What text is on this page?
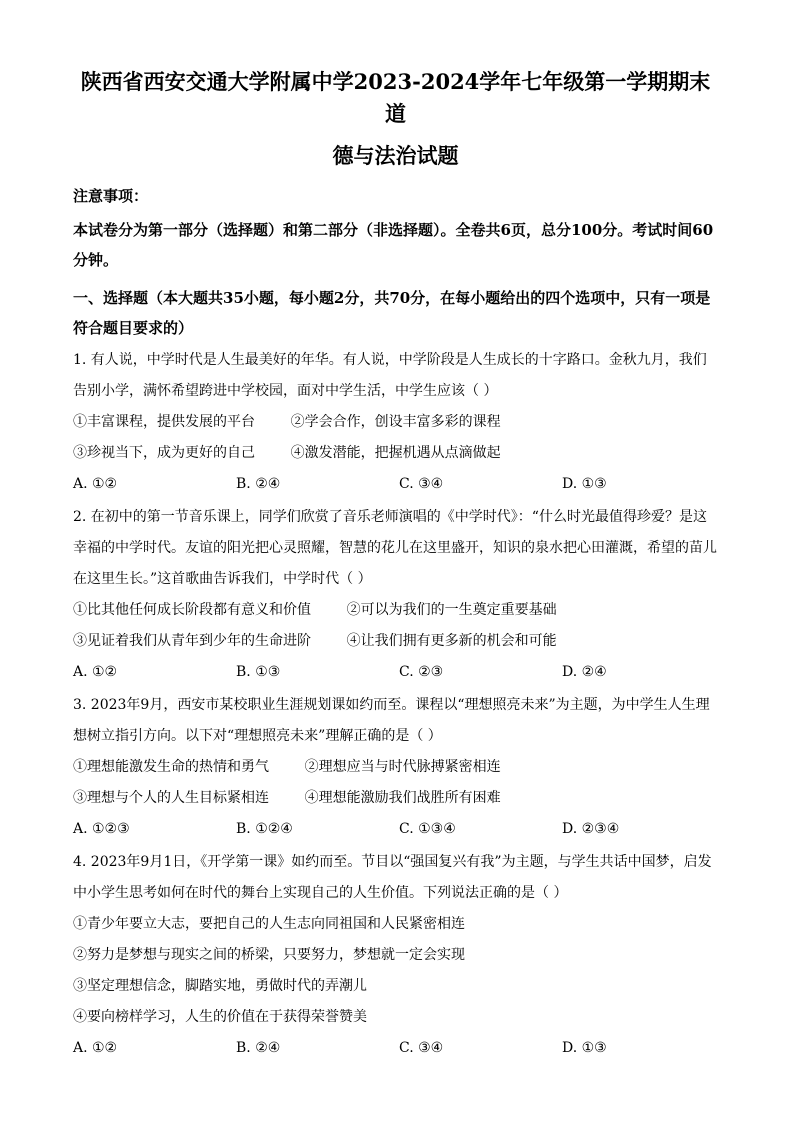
陕西省西安交通大学附属中学2023-2024学年七年级第一学期期末道
德与法治试题
注意事项：
本试卷分为第一部分（选择题）和第二部分（非选择题）。全卷共6页，总分100分。考试时间60分钟。
一、选择题（本大题共35小题，每小题2分，共70分，在每小题给出的四个选项中，只有一项是符合题目要求的）
1. 有人说，中学时代是人生最美好的年华。有人说，中学阶段是人生成长的十字路口。金秋九月，我们告别小学，满怀希望跨进中学校园，面对中学生活，中学生应该（ ）
①丰富课程，提供发展的平台        ②学会合作，创设丰富多彩的课程
③珍视当下，成为更好的自己        ④激发潜能，把握机遇从点滴做起
A. ①②	B. ②④	C. ③④	D. ①③
2. 在初中的第一节音乐课上，同学们欣赏了音乐老师演唱的《中学时代》：“什么时光最值得珍爱？是这幸福的中学时代。友谊的阳光把心灵照耀，智慧的花儿在这里盛开，知识的泉水把心田灌溉，希望的苗儿在这里生长。”这首歌曲告诉我们，中学时代（ ）
①比其他任何成长阶段都有意义和价值        ②可以为我们的一生奠定重要基础
③见证着我们从青年到少年的生命进阶        ④让我们拥有更多新的机会和可能
A. ①②	B. ①③	C. ②③	D. ②④
3. 2023年9月，西安市某校职业生涯规划课如约而至。课程以“理想照亮未来”为主题，为中学生人生理想树立指引方向。以下对“理想照亮未来”理解正确的是（ ）
①理想能激发生命的热情和勇气        ②理想应当与时代脉搏紧密相连
③理想与个人的人生目标紧相连        ④理想能激励我们战胜所有困难
A. ①②③	B. ①②④	C. ①③④	D. ②③④
4. 2023年9月1日，《开学第一课》如约而至。节目以“强国复兴有我”为主题，与学生共话中国梦，启发中小学生思考如何在时代的舞台上实现自己的人生价值。下列说法正确的是（ ）
①青少年要立大志，要把自己的人生志向同祖国和人民紧密相连
②努力是梦想与现实之间的桥梁，只要努力，梦想就一定会实现
③坚定理想信念，脚踏实地，勇做时代的弄潮儿
④要向榜样学习，人生的价值在于获得荣誉赞美
A. ①②	B. ②④	C. ③④	D. ①③
